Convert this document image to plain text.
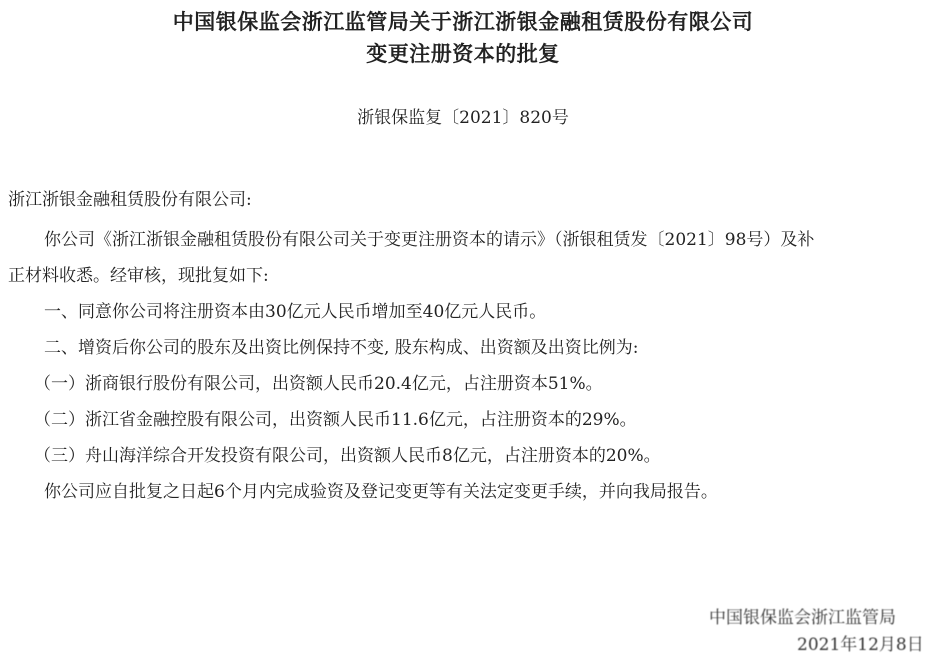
中国银保监会浙江监管局关于浙江浙银金融租赁股份有限公司
变更注册资本的批复
浙银保监复〔2021〕820号
浙江浙银金融租赁股份有限公司:
你公司《浙江浙银金融租赁股份有限公司关于变更注册资本的请示》（浙银租赁发〔2021〕98号）及补
正材料收悉。经审核，现批复如下:
一、同意你公司将注册资本由30亿元人民币增加至40亿元人民币。
二、增资后你公司的股东及出资比例保持不变, 股东构成、出资额及出资比例为:
（一）浙商银行股份有限公司，出资额人民币20.4亿元，占注册资本51%。
（二）浙江省金融控股有限公司，出资额人民币11.6亿元，占注册资本的29%。
（三）舟山海洋综合开发投资有限公司，出资额人民币8亿元，占注册资本的20%。
你公司应自批复之日起6个月内完成验资及登记变更等有关法定变更手续，并向我局报告。
中国银保监会浙江监管局
2021年12月8日
